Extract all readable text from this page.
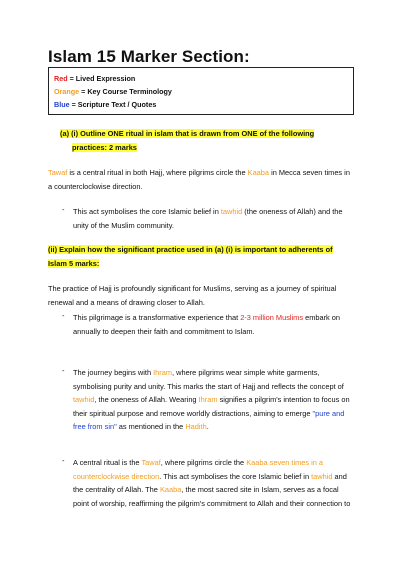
Islam 15 Marker Section:
Red = Lived Expression
Orange = Key Course Terminology
Blue = Scripture Text / Quotes
(a) (i) Outline ONE ritual in islam that is drawn from ONE of the following
practices: 2 marks
Tawaf is a central ritual in both Hajj, where pilgrims circle the Kaaba in Mecca seven times in
a counterclockwise direction.
- This act symbolises the core Islamic belief in tawhid (the oneness of Allah) and the
unity of the Muslim community.
(ii) Explain how the significant practice used in (a) (i) is important to adherents of
Islam 5 marks:
The practice of Hajj is profoundly significant for Muslims, serving as a journey of spiritual
renewal and a means of drawing closer to Allah.
- This pilgrimage is a transformative experience that 2-3 million Muslims embark on
annually to deepen their faith and commitment to Islam.
- The journey begins with Ihram, where pilgrims wear simple white garments,
symbolising purity and unity. This marks the start of Hajj and reflects the concept of
tawhid, the oneness of Allah. Wearing Ihram signifies a pilgrim's intention to focus on
their spiritual purpose and remove worldly distractions, aiming to emerge "pure and
free from sin" as mentioned in the Hadith.
- A central ritual is the Tawaf, where pilgrims circle the Kaaba seven times in a
counterclockwise direction. This act symbolises the core Islamic belief in tawhid and
the centrality of Allah. The Kaaba, the most sacred site in Islam, serves as a focal
point of worship, reaffirming the pilgrim's commitment to Allah and their connection to
